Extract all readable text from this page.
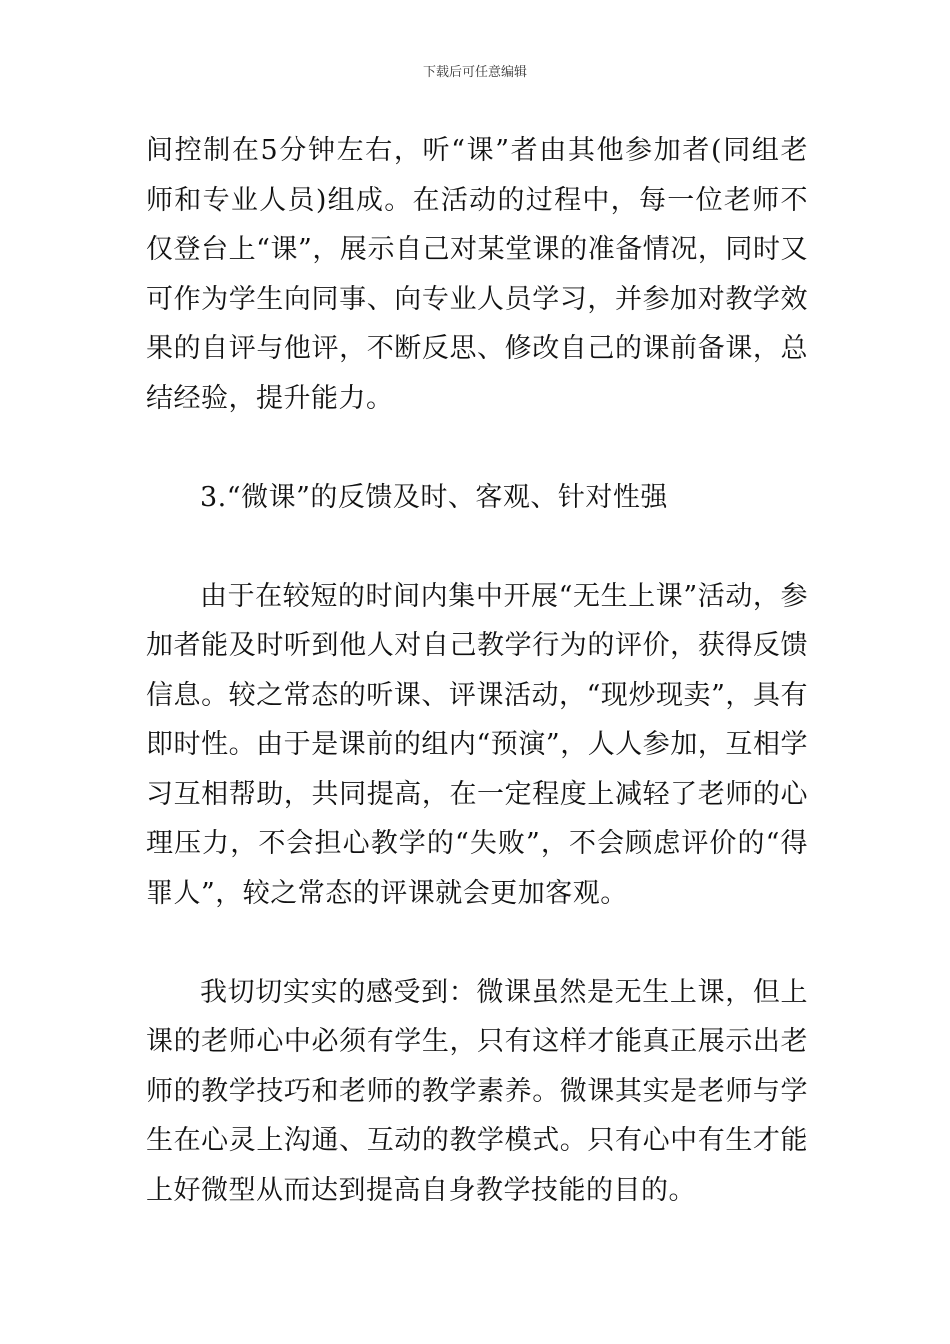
下载后可任意编辑

间控制在5分钟左右，听“课”者由其他参加者(同组老师和专业人员)组成。在活动的过程中，每一位老师不仅登台上“课”，展示自己对某堂课的准备情况，同时又可作为学生向同事、向专业人员学习，并参加对教学效果的自评与他评，不断反思、修改自己的课前备课，总结经验，提升能力。

3.“微课”的反馈及时、客观、针对性强

由于在较短的时间内集中开展“无生上课”活动，参加者能及时听到他人对自己教学行为的评价，获得反馈信息。较之常态的听课、评课活动，“现炒现卖”，具有即时性。由于是课前的组内“预演”，人人参加，互相学习互相帮助，共同提高，在一定程度上减轻了老师的心理压力，不会担心教学的“失败”，不会顾虑评价的“得罪人”，较之常态的评课就会更加客观。

我切切实实的感受到：微课虽然是无生上课，但上课的老师心中必须有学生，只有这样才能真正展示出老师的教学技巧和老师的教学素养。微课其实是老师与学生在心灵上沟通、互动的教学模式。只有心中有生才能上好微型从而达到提高自身教学技能的目的。
